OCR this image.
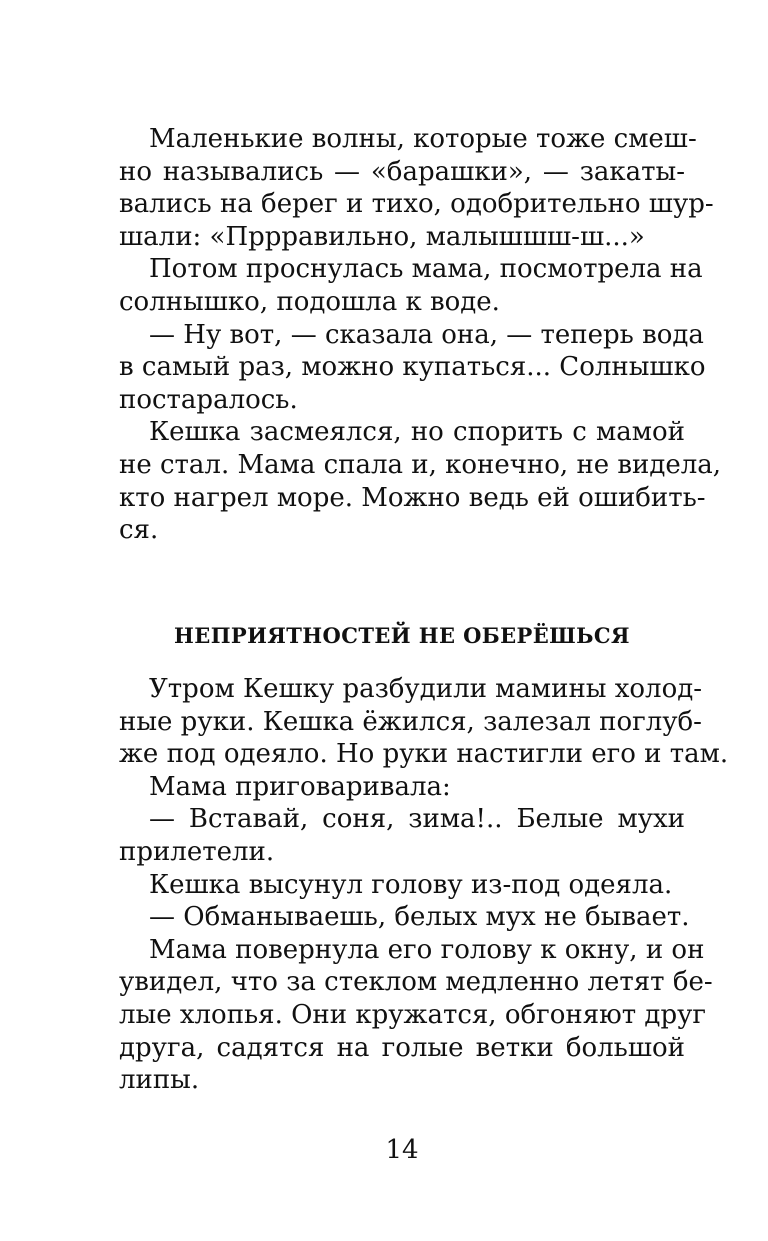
Маленькие волны, которые тоже смеш-
но назывались — «барашки», — закаты-
вались на берег и тихо, одобрительно шур-
шали: «Пррравильно, малышшш-ш...»

Потом проснулась мама, посмотрела на
солнышко, подошла к воде.

— Ну вот, — сказала она, — теперь вода
в самый раз, можно купаться... Солнышко
постаралось.

Кешка засмеялся, но спорить с мамой
не стал. Мама спала и, конечно, не видела,
кто нагрел море. Можно ведь ей ошибить-
ся.

НЕПРИЯТНОСТЕЙ НЕ ОБЕРЁШЬСЯ

Утром Кешку разбудили мамины холод-
ные руки. Кешка ёжился, залезал поглуб-
же под одеяло. Но руки настигли его и там.

Мама приговаривала:

— Вставай, соня, зима!.. Белые мухи
прилетели.

Кешка высунул голову из-под одеяла.

— Обманываешь, белых мух не бывает.

Мама повернула его голову к окну, и он
увидел, что за стеклом медленно летят бе-
лые хлопья. Они кружатся, обгоняют друг
друга, садятся на голые ветки большой
липы.

14
